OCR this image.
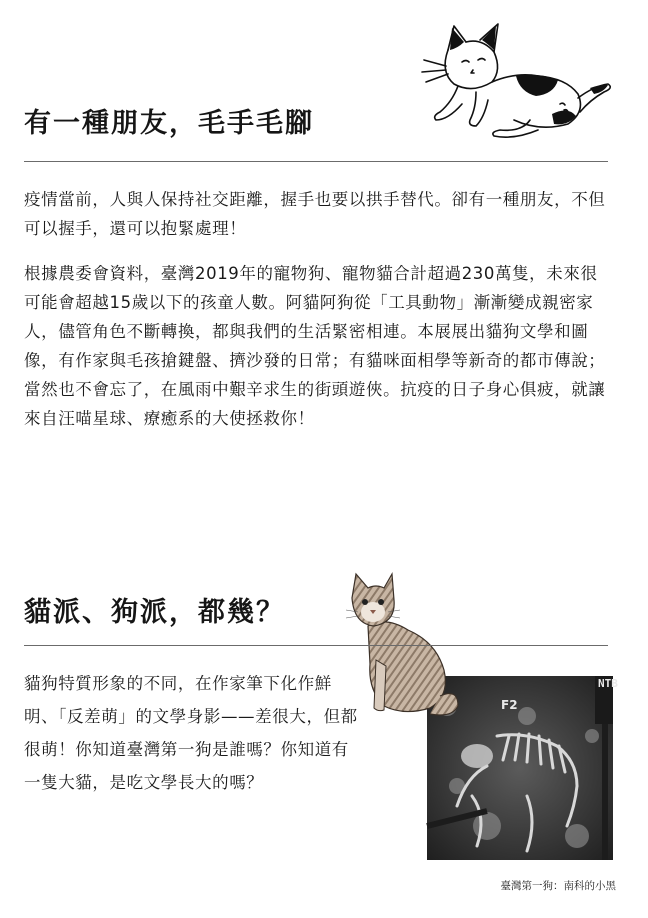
有一種朋友，毛手毛腳

疫情當前，人與人保持社交距離，握手也要以拱手替代。卻有一種朋友，不但可以握手，還可以抱緊處理！

根據農委會資料，臺灣2019年的寵物狗、寵物貓合計超過230萬隻，未來很可能會超越15歲以下的孩童人數。阿貓阿狗從「工具動物」漸漸變成親密家人，儘管角色不斷轉換，都與我們的生活緊密相連。本展展出貓狗文學和圖像，有作家與毛孩搶鍵盤、擠沙發的日常；有貓咪面相學等新奇的都市傳說；當然也不會忘了，在風雨中艱辛求生的街頭遊俠。抗疫的日子身心俱疲，就讓來自汪喵星球、療癒系的大使拯救你！

貓派、狗派，都幾？
F2
NTB

貓狗特質形象的不同，在作家筆下化作鮮明、「反差萌」的文學身影——差很大，但都很萌！你知道臺灣第一狗是誰嗎？你知道有一隻大貓，是吃文學長大的嗎？

臺灣第一狗：南科的小黑
